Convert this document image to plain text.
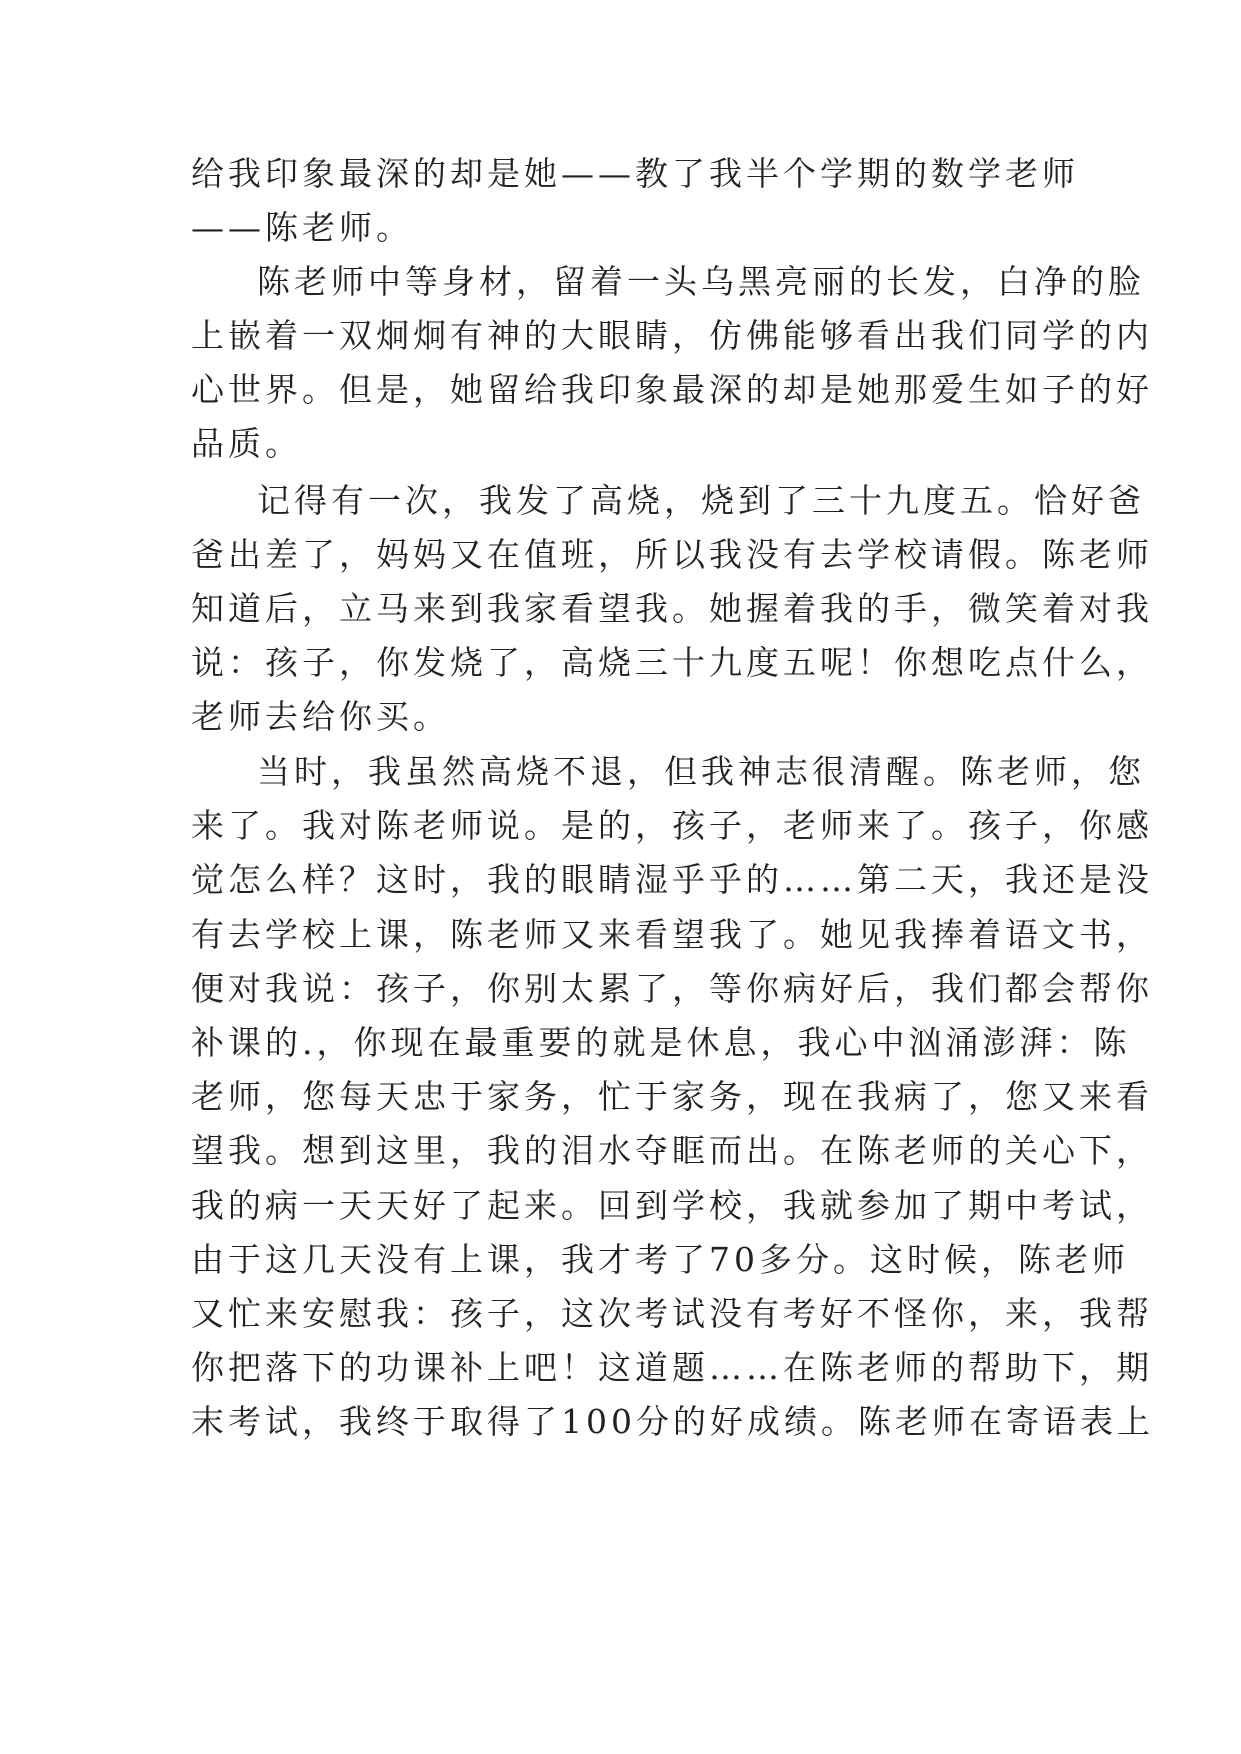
给我印象最深的却是她——教了我半个学期的数学老师
——陈老师。
陈老师中等身材，留着一头乌黑亮丽的长发，白净的脸
上嵌着一双炯炯有神的大眼睛，仿佛能够看出我们同学的内
心世界。但是，她留给我印象最深的却是她那爱生如子的好
品质。
记得有一次，我发了高烧，烧到了三十九度五。恰好爸
爸出差了，妈妈又在值班，所以我没有去学校请假。陈老师
知道后，立马来到我家看望我。她握着我的手，微笑着对我
说：孩子，你发烧了，高烧三十九度五呢！你想吃点什么，
老师去给你买。
当时，我虽然高烧不退，但我神志很清醒。陈老师，您
来了。我对陈老师说。是的，孩子，老师来了。孩子，你感
觉怎么样？这时，我的眼睛湿乎乎的……第二天，我还是没
有去学校上课，陈老师又来看望我了。她见我捧着语文书，
便对我说：孩子，你别太累了，等你病好后，我们都会帮你
补课的.，你现在最重要的就是休息，我心中汹涌澎湃：陈
老师，您每天忠于家务，忙于家务，现在我病了，您又来看
望我。想到这里，我的泪水夺眶而出。在陈老师的关心下，
我的病一天天好了起来。回到学校，我就参加了期中考试，
由于这几天没有上课，我才考了70多分。这时候，陈老师
又忙来安慰我：孩子，这次考试没有考好不怪你，来，我帮
你把落下的功课补上吧！这道题……在陈老师的帮助下，期
末考试，我终于取得了100分的好成绩。陈老师在寄语表上
